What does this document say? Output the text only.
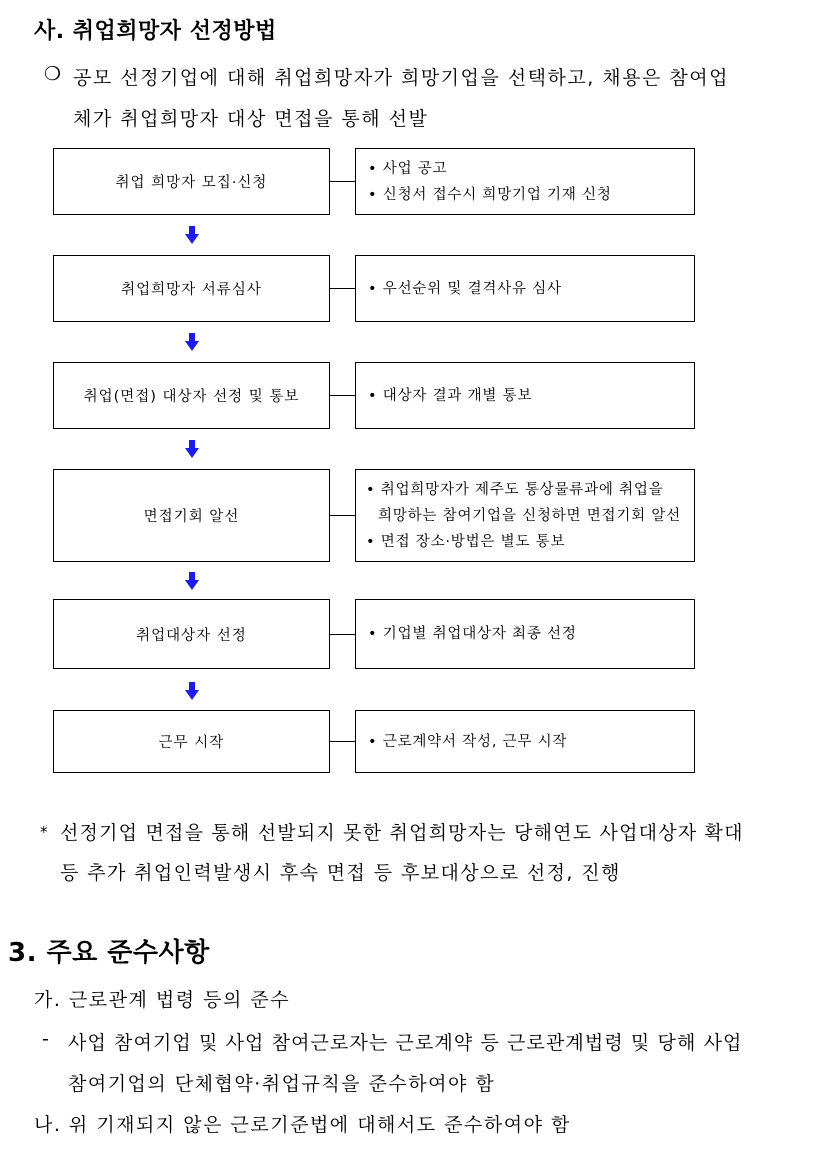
사. 취업희망자 선정방법
❍ 공모 선정기업에 대해 취업희망자가 희망기업을 선택하고, 채용은 참여업
체가 취업희망자 대상 면접을 통해 선발
취업 희망자 모집·신청
• 사업 공고
• 신청서 접수시 희망기업 기재 신청
취업희망자 서류심사	• 우선순위 및 결격사유 심사
취업(면접) 대상자 선정 및 통보	• 대상자 결과 개별 통보
면접기회 알선
• 취업희망자가 제주도 통상물류과에 취업을
희망하는 참여기업을 신청하면 면접기회 알선
• 면접 장소·방법은 별도 통보
취업대상자 선정	• 기업별 취업대상자 최종 선정
근무 시작	• 근로계약서 작성, 근무 시작
* 선정기업 면접을 통해 선발되지 못한 취업희망자는 당해연도 사업대상자 확대
등 추가 취업인력발생시 후속 면접 등 후보대상으로 선정, 진행
3. 주요 준수사항
가. 근로관계 법령 등의 준수
- 사업 참여기업 및 사업 참여근로자는 근로계약 등 근로관계법령 및 당해 사업
참여기업의 단체협약·취업규칙을 준수하여야 함
나. 위 기재되지 않은 근로기준법에 대해서도 준수하여야 함
